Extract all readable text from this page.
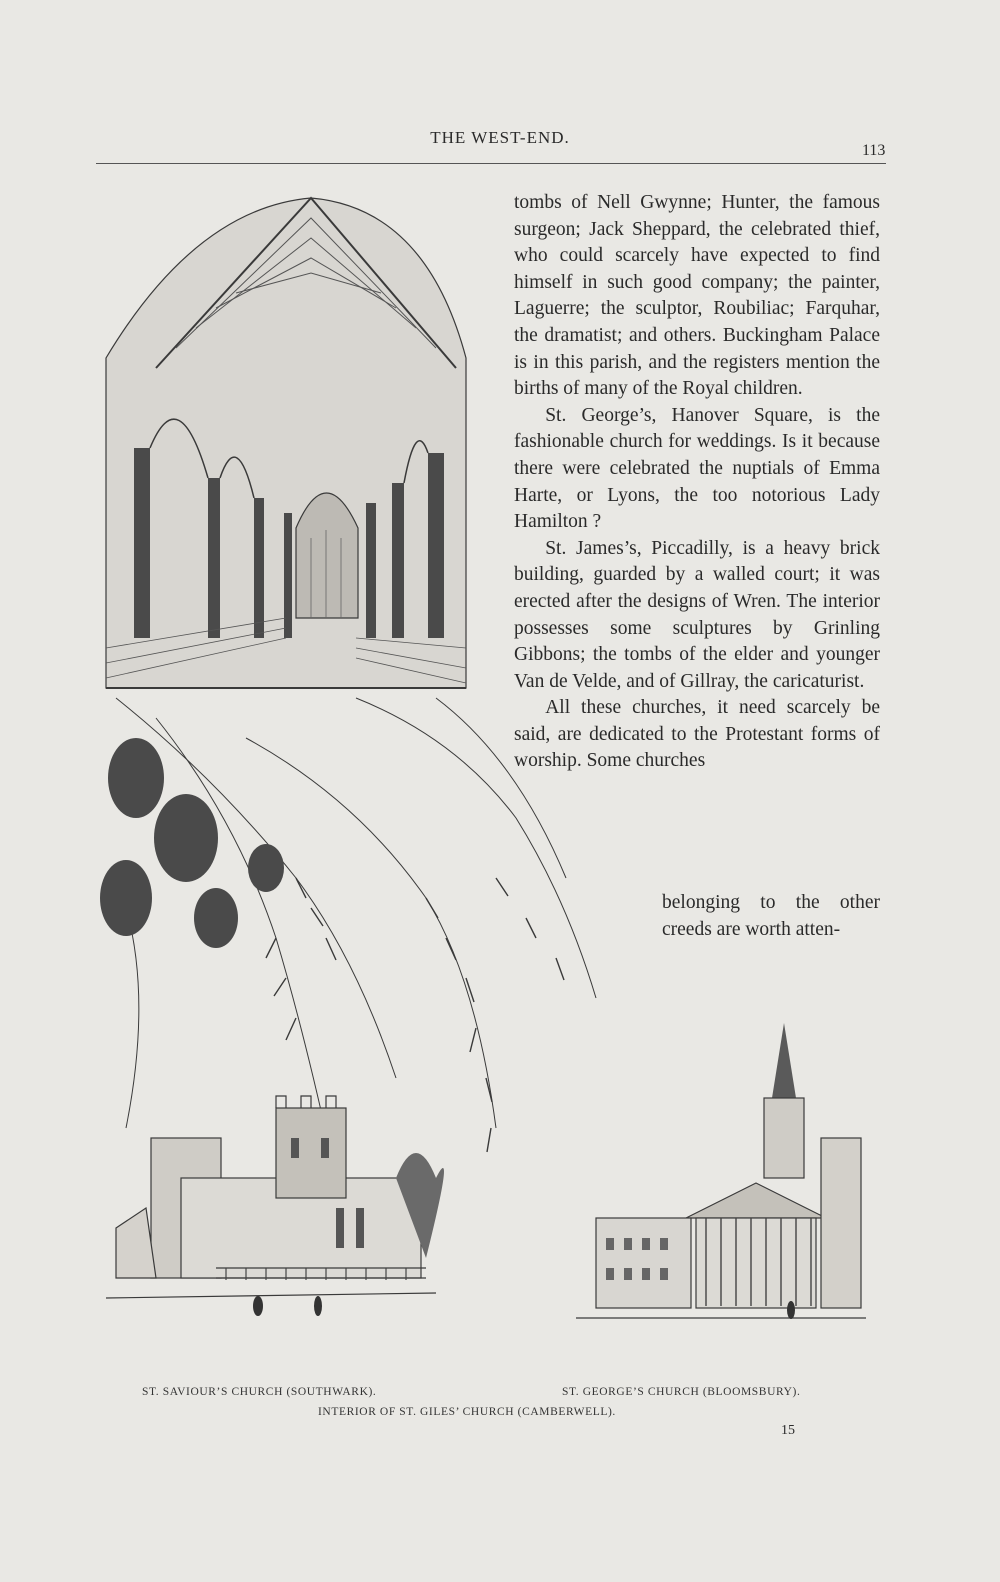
THE WEST-END.
113

tombs of Nell Gwynne; Hunter, the famous surgeon; Jack Sheppard, the celebrated thief, who could scarcely have expected to find himself in such good company; the painter, Laguerre; the sculptor, Roubiliac; Farquhar, the dramatist; and others. Buckingham Palace is in this parish, and the registers mention the births of many of the Royal children.

St. George’s, Hanover Square, is the fashionable church for weddings. Is it because there were celebrated the nuptials of Emma Harte, or Lyons, the too notorious Lady Hamilton ?

St. James’s, Piccadilly, is a heavy brick building, guarded by a walled court; it was erected after the designs of Wren. The interior possesses some sculptures by Grinling Gibbons; the tombs of the elder and younger Van de Velde, and of Gillray, the caricaturist.

All these churches, it need scarcely be said, are dedicated to the Protestant forms of worship. Some churches

belonging to the other creeds are worth atten-

ST. SAVIOUR’S CHURCH (SOUTHWARK).	ST. GEORGE’S CHURCH (BLOOMSBURY).
INTERIOR OF ST. GILES’ CHURCH (CAMBERWELL).
15
